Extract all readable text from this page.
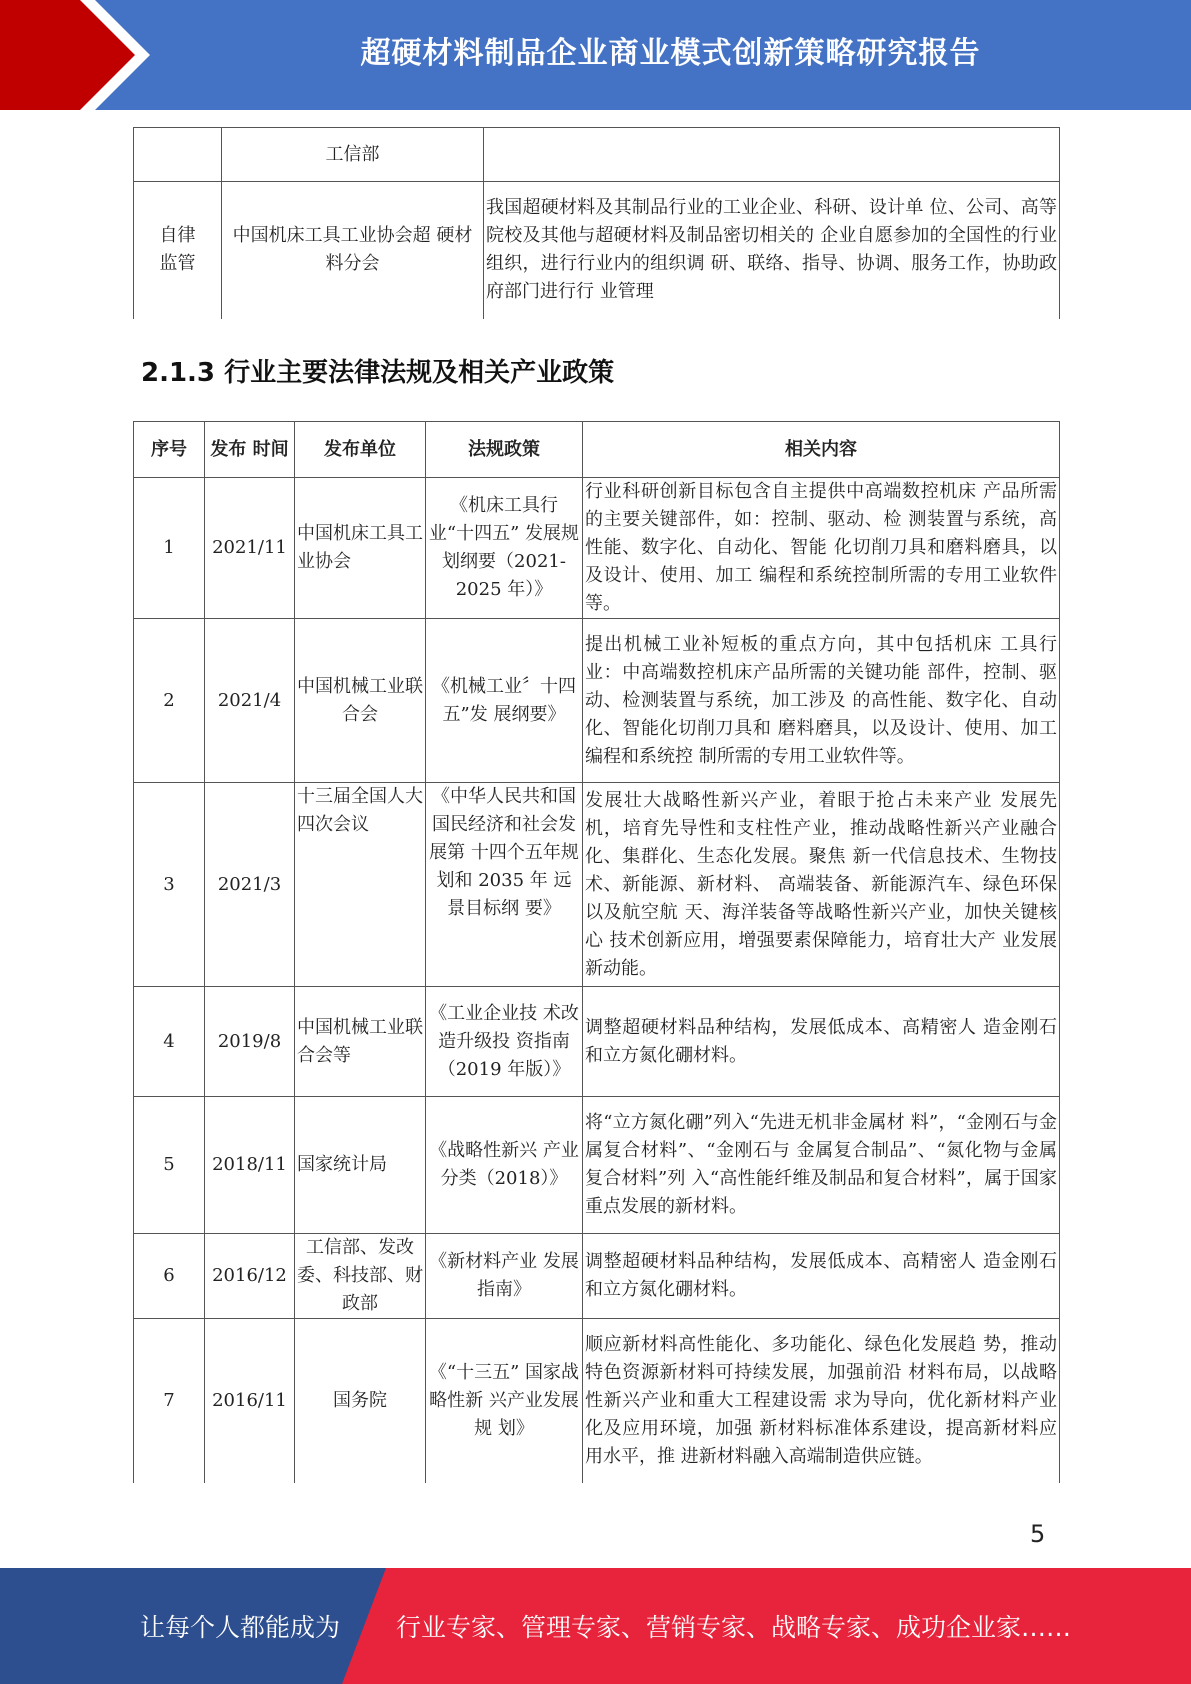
超硬材料制品企业商业模式创新策略研究报告
	工信部	
自律
监管	中国机床工具工业协会超 硬材料分会	我国超硬材料及其制品行业的工业企业、科研、设计单 位、公司、高等院校及其他与超硬材料及制品密切相关的 企业自愿参加的全国性的行业组织，进行行业内的组织调 研、联络、指导、协调、服务工作，协助政府部门进行行 业管理
2.1.3 行业主要法律法规及相关产业政策
序号	发布 时间	发布单位	法规政策	相关内容
1	2021/11	中国机床工具工业协会	《机床工具行 业“十四五” 发展规划纲要（2021-2025 年）》	行业科研创新目标包含自主提供中高端数控机床 产品所需的主要关键部件，如：控制、驱动、检 测装置与系统，高性能、数字化、自动化、智能 化切削刀具和磨料磨具，以及设计、使用、加工 编程和系统控制所需的专用工业软件等。
2	2021/4	中国机械工业联合会	《机械工业〞十四五”发 展纲要》	提出机械工业补短板的重点方向，其中包括机床 工具行业：中高端数控机床产品所需的关键功能 部件，控制、驱动、检测装置与系统，加工涉及 的高性能、数字化、自动化、智能化切削刀具和 磨料磨具，以及设计、使用、加工编程和系统控 制所需的专用工业软件等。
3	2021/3	十三届全国人大四次会议	《中华人民共和国国民经济和社会发展第 十四个五年规 划和 2035 年 远景目标纲 要》	发展壮大战略性新兴产业，着眼于抢占未来产业 发展先机，培育先导性和支柱性产业，推动战略性新兴产业融合化、集群化、生态化发展。聚焦 新一代信息技术、生物技术、新能源、新材料、 高端装备、新能源汽车、绿色环保以及航空航 天、海洋装备等战略性新兴产业，加快关键核心 技术创新应用，增强要素保障能力，培育壮大产 业发展新动能。
4	2019/8	中国机械工业联合会等	《工业企业技 术改造升级投 资指南（2019 年版）》	调整超硬材料品种结构，发展低成本、高精密人 造金刚石和立方氮化硼材料。
5	2018/11	国家统计局	《战略性新兴 产业分类（2018）》	将“立方氮化硼”列入“先进无机非金属材 料”，“金刚石与金属复合材料”、“金刚石与 金属复合制品”、“氮化物与金属复合材料”列 入“高性能纤维及制品和复合材料”，属于国家 重点发展的新材料。
6	2016/12	工信部、发改委、科技部、财政部	《新材料产业 发展指南》	调整超硬材料品种结构，发展低成本、高精密人 造金刚石和立方氮化硼材料。
7	2016/11	国务院	《“十三五” 国家战略性新 兴产业发展规 划》	顺应新材料高性能化、多功能化、绿色化发展趋 势，推动特色资源新材料可持续发展，加强前沿 材料布局，以战略性新兴产业和重大工程建设需 求为导向，优化新材料产业化及应用环境，加强 新材料标准体系建设，提高新材料应用水平，推 进新材料融入高端制造供应链。
5
让每个人都能成为 行业专家、管理专家、营销专家、战略专家、成功企业家……
